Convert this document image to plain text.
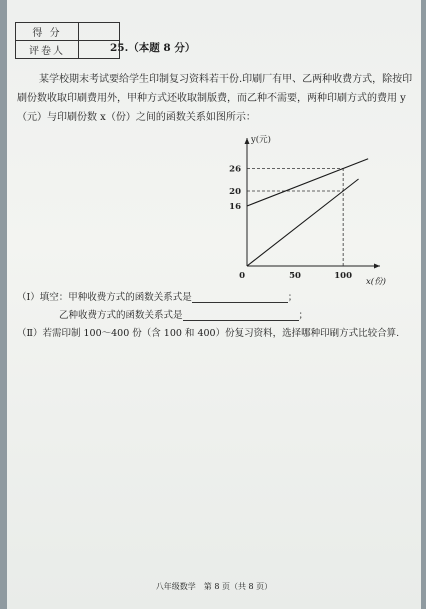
得 分	
评卷人		25.（本题 8 分）
某学校期末考试要给学生印制复习资料若干份.印刷厂有甲、乙两种收费方式，除按印刷份数收取印刷费用外，甲种方式还收取制版费，而乙种不需要，两种印刷方式的费用 y（元）与印刷份数 x（份）之间的函数关系如图所示：
y(元)
x(份)
0	50	100
16
20
26
（Ⅰ）填空：甲种收费方式的函数关系式是	；
乙种收费方式的函数关系式是	；
（Ⅱ）若需印制 100～400 份（含 100 和 400）份复习资料，选择哪种印刷方式比较合算.
八年级数学　第 8 页（共 8 页）
